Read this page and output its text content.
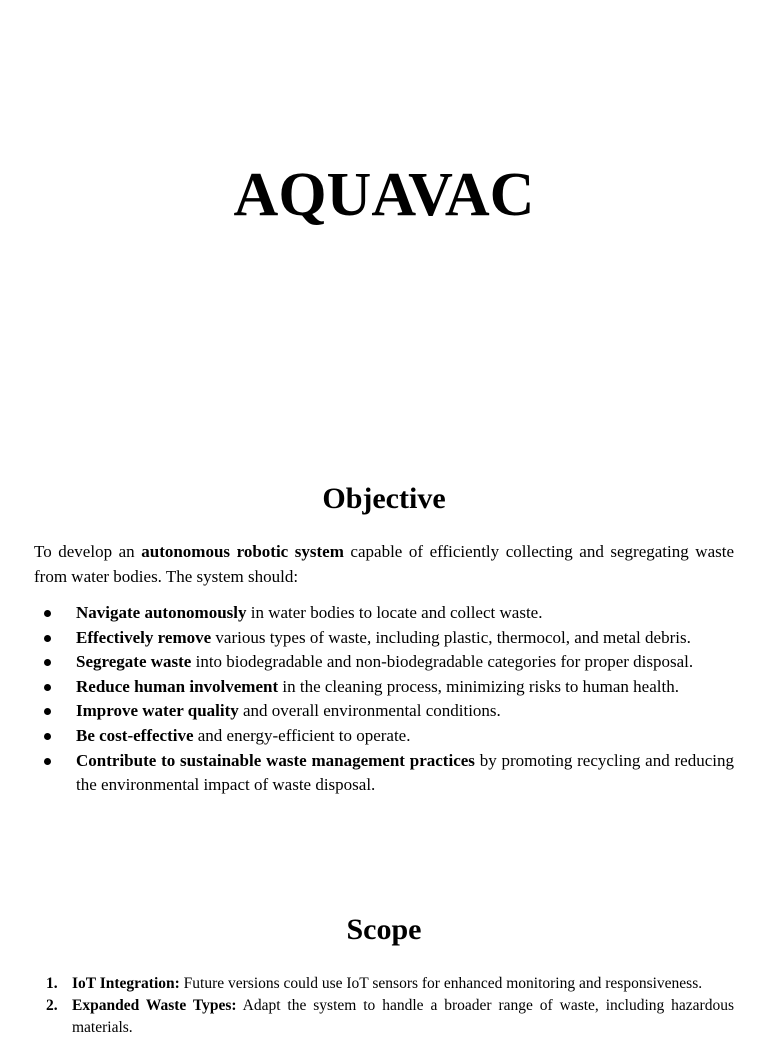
AQUAVAC
Objective

To develop an autonomous robotic system capable of efficiently collecting and segregating waste from water bodies. The system should:

Navigate autonomously in water bodies to locate and collect waste.
Effectively remove various types of waste, including plastic, thermocol, and metal debris.
Segregate waste into biodegradable and non-biodegradable categories for proper disposal.
Reduce human involvement in the cleaning process, minimizing risks to human health.
Improve water quality and overall environmental conditions.
Be cost-effective and energy-efficient to operate.
Contribute to sustainable waste management practices by promoting recycling and reducing the environmental impact of waste disposal.
Scope
1. IoT Integration: Future versions could use IoT sensors for enhanced monitoring and responsiveness.
2. Expanded Waste Types: Adapt the system to handle a broader range of waste, including hazardous materials.
